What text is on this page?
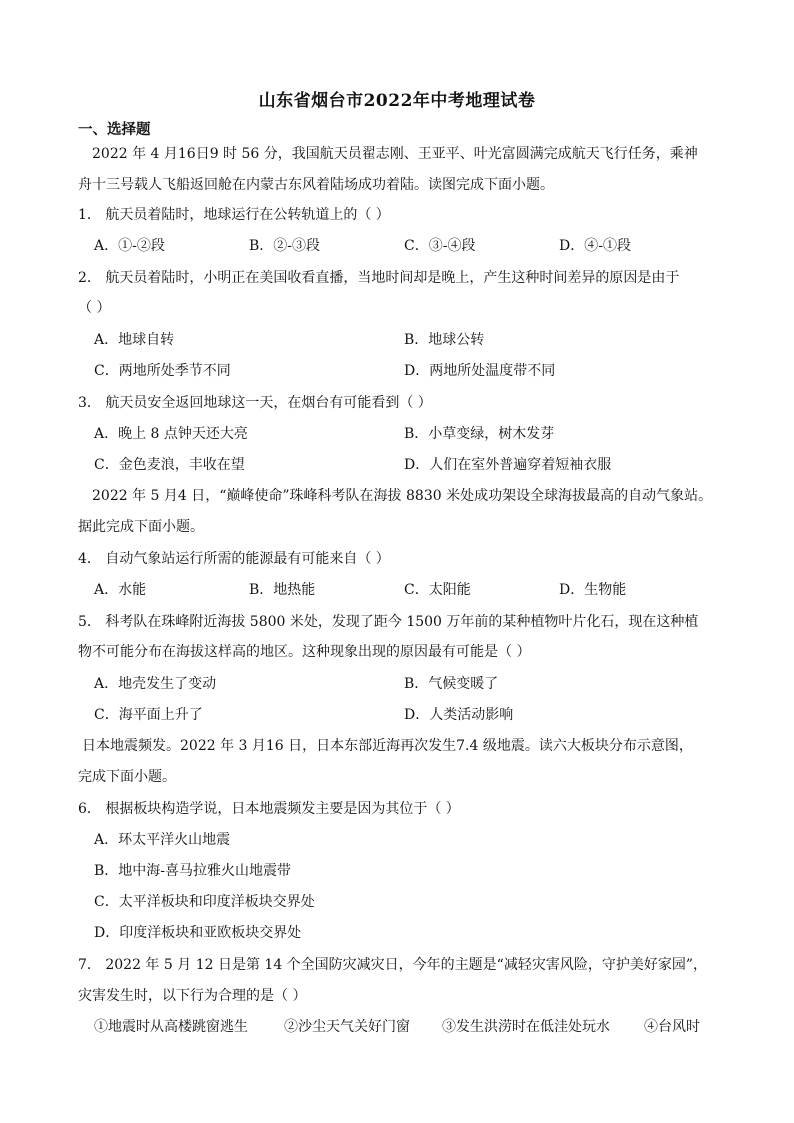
山东省烟台市2022年中考地理试卷
一、选择题
2022 年 4 月16日9 时 56 分，我国航天员翟志刚、王亚平、叶光富圆满完成航天飞行任务，乘神
舟十三号载人飞船返回舱在内蒙古东风着陆场成功着陆。读图完成下面小题。
1． 航天员着陆时，地球运行在公转轨道上的（ ）
A．①-②段	B．②-③段	C．③-④段	D．④-①段
2． 航天员着陆时，小明正在美国收看直播，当地时间却是晚上，产生这种时间差异的原因是由于
（ ）
A．地球自转	B．地球公转
C．两地所处季节不同	D．两地所处温度带不同
3． 航天员安全返回地球这一天，在烟台有可能看到（ ）
A．晚上 8 点钟天还大亮	B．小草变绿，树木发芽
C．金色麦浪，丰收在望	D．人们在室外普遍穿着短袖衣服
2022 年 5 月4 日，“巅峰使命”珠峰科考队在海拔 8830 米处成功架设全球海拔最高的自动气象站。
据此完成下面小题。
4． 自动气象站运行所需的能源最有可能来自（ ）
A．水能	B．地热能	C．太阳能	D．生物能
5． 科考队在珠峰附近海拔 5800 米处，发现了距今 1500 万年前的某种植物叶片化石，现在这种植
物不可能分布在海拔这样高的地区。这种现象出现的原因最有可能是（ ）
A．地壳发生了变动	B．气候变暖了
C．海平面上升了	D．人类活动影响
日本地震频发。2022 年 3 月16 日，日本东部近海再次发生7.4 级地震。读六大板块分布示意图，
完成下面小题。
6． 根据板块构造学说，日本地震频发主要是因为其位于（ ）
A．环太平洋火山地震
B．地中海-喜马拉雅火山地震带
C．太平洋板块和印度洋板块交界处
D．印度洋板块和亚欧板块交界处
7． 2022 年 5 月 12 日是第 14 个全国防灾减灾日，今年的主题是“减轻灾害风险，守护美好家园”，
灾害发生时，以下行为合理的是（ ）
①地震时从高楼跳窗逃生	②沙尘天气关好门窗 ③发生洪涝时在低洼处玩水 ④台风时
